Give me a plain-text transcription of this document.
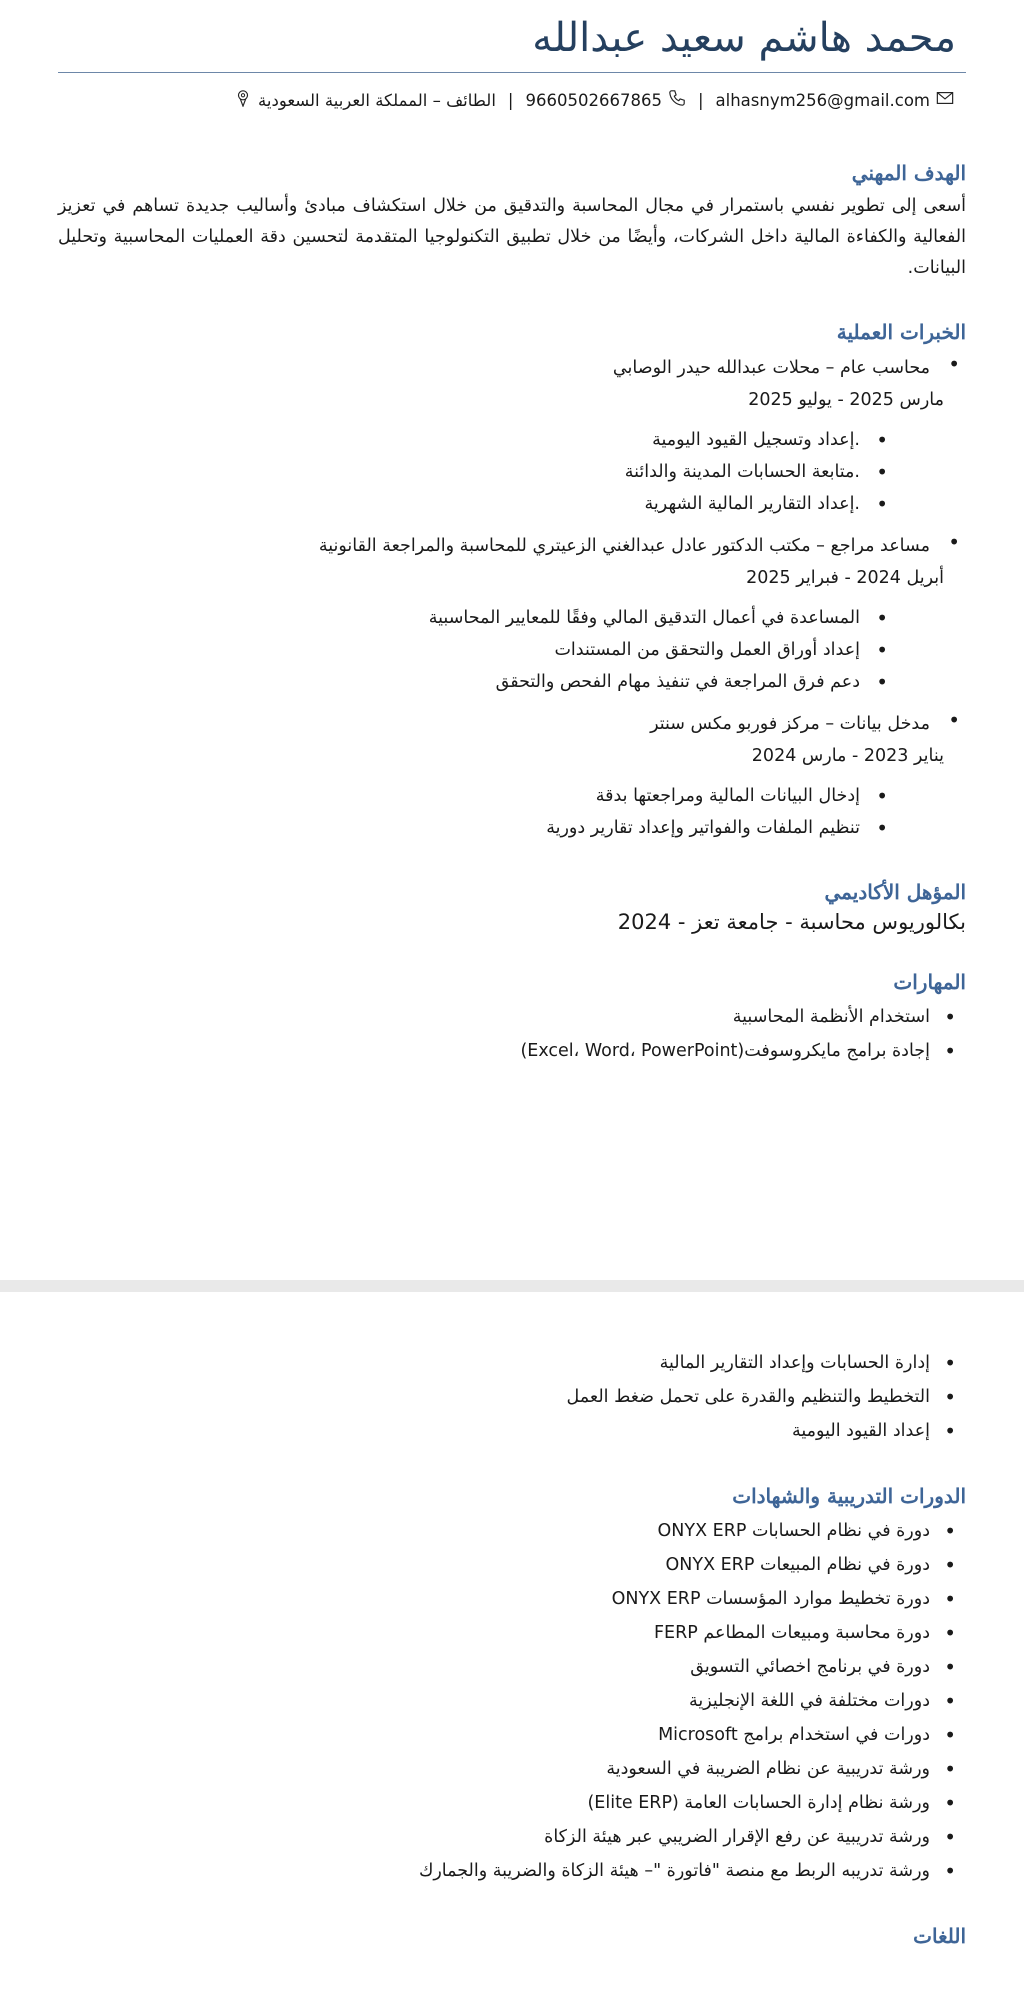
محمد هاشم سعيد عبدالله
alhasnym256@gmail.com
|
9660502667865
|
الطائف – المملكة العربية السعودية
الهدف المهني
أسعى إلى تطوير نفسي باستمرار في مجال المحاسبة والتدقيق من خلال استكشاف مبادئ وأساليب جديدة تساهم في تعزيز الفعالية والكفاءة المالية داخل الشركات، وأيضًا من خلال تطبيق التكنولوجيا المتقدمة لتحسين دقة العمليات المحاسبية وتحليل البيانات.
الخبرات العملية
• محاسب عام – محلات عبدالله حيدر الوصابي
مارس 2025 - يوليو 2025
• .إعداد وتسجيل القيود اليومية
• .متابعة الحسابات المدينة والدائنة
• .إعداد التقارير المالية الشهرية
• مساعد مراجع – مكتب الدكتور عادل عبدالغني الزعيتري للمحاسبة والمراجعة القانونية
أبريل 2024 - فبراير 2025
• المساعدة في أعمال التدقيق المالي وفقًا للمعايير المحاسبية
• إعداد أوراق العمل والتحقق من المستندات
• دعم فرق المراجعة في تنفيذ مهام الفحص والتحقق
• مدخل بيانات – مركز فوربو مكس سنتر
يناير 2023 - مارس 2024
• إدخال البيانات المالية ومراجعتها بدقة
• تنظيم الملفات والفواتير وإعداد تقارير دورية
المؤهل الأكاديمي
بكالوريوس محاسبة - جامعة تعز - 2024
المهارات
• استخدام الأنظمة المحاسبية
• إجادة برامج مايكروسوفت(Excel، Word، PowerPoint)
• إدارة الحسابات وإعداد التقارير المالية
• التخطيط والتنظيم والقدرة على تحمل ضغط العمل
• إعداد القيود اليومية
الدورات التدريبية والشهادات
• دورة في نظام الحسابات ONYX ERP
• دورة في نظام المبيعات ONYX ERP
• دورة تخطيط موارد المؤسسات ONYX ERP
• دورة محاسبة ومبيعات المطاعم FERP
• دورة في برنامج اخصائي التسويق
• دورات مختلفة في اللغة الإنجليزية
• دورات في استخدام برامج Microsoft
• ورشة تدريبية عن نظام الضريبة في السعودية
• ورشة نظام إدارة الحسابات العامة (Elite ERP)
• ورشة تدريبية عن رفع الإقرار الضريبي عبر هيئة الزكاة
• ورشة تدريبه الربط مع منصة "فاتورة "– هيئة الزكاة والضريبة والجمارك
اللغات
